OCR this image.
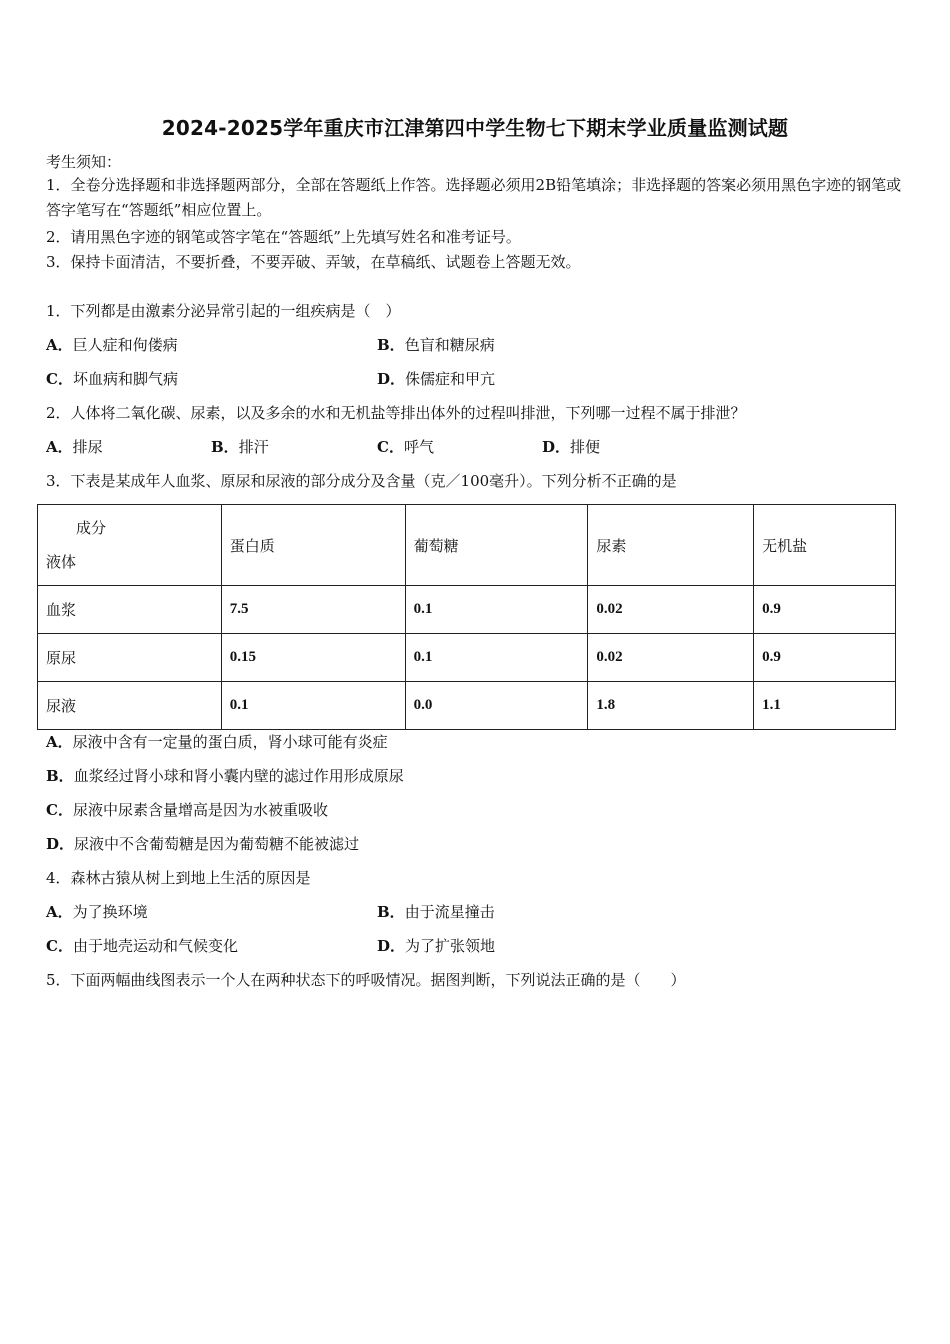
2024-2025学年重庆市江津第四中学生物七下期末学业质量监测试题
考生须知：
1．全卷分选择题和非选择题两部分，全部在答题纸上作答。选择题必须用2B铅笔填涂；非选择题的答案必须用黑色字迹的钢笔或答字笔写在“答题纸”相应位置上。
2．请用黑色字迹的钢笔或答字笔在“答题纸”上先填写姓名和准考证号。
3．保持卡面清洁，不要折叠，不要弄破、弄皱，在草稿纸、试题卷上答题无效。
1．下列都是由激素分泌异常引起的一组疾病是（　）
A．巨人症和佝偻病	B．色盲和糖尿病
C．坏血病和脚气病	D．侏儒症和甲亢
2．人体将二氧化碳、尿素，以及多余的水和无机盐等排出体外的过程叫排泄，下列哪一过程不属于排泄？
A．排尿	B．排汗	C．呼气	D．排便
3．下表是某成年人血浆、原尿和尿液的部分成分及含量（克／100毫升）。下列分析不正确的是
成分
液体	蛋白质	葡萄糖	尿素	无机盐
血浆	7.5	0.1	0.02	0.9
原尿	0.15	0.1	0.02	0.9
尿液	0.1	0.0	1.8	1.1
A．尿液中含有一定量的蛋白质，肾小球可能有炎症
B．血浆经过肾小球和肾小囊内壁的滤过作用形成原尿
C．尿液中尿素含量增高是因为水被重吸收
D．尿液中不含葡萄糖是因为葡萄糖不能被滤过
4．森林古猿从树上到地上生活的原因是
A．为了换环境	B．由于流星撞击
C．由于地壳运动和气候变化	D．为了扩张领地
5．下面两幅曲线图表示一个人在两种状态下的呼吸情况。据图判断，下列说法正确的是（　　）
